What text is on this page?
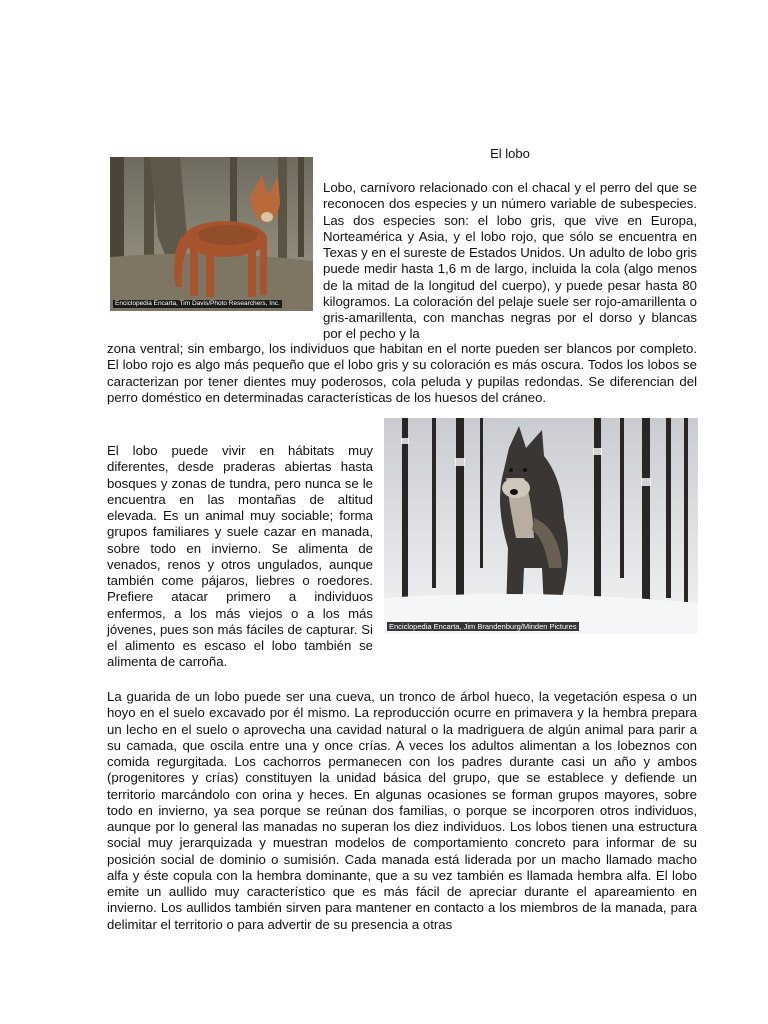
El lobo
Enciclopedia Encarta, Tim Davis/Photo Researchers, Inc.

Lobo, carnívoro relacionado con el chacal y el perro del que se reconocen dos especies y un número variable de subespecies. Las dos especies son: el lobo gris, que vive en Europa, Norteamérica y Asia, y el lobo rojo, que sólo se encuentra en Texas y en el sureste de Estados Unidos. Un adulto de lobo gris puede medir hasta 1,6 m de largo, incluida la cola (algo menos de la mitad de la longitud del cuerpo), y puede pesar hasta 80 kilogramos. La coloración del pelaje suele ser rojo-amarillenta o gris-amarillenta, con manchas negras por el dorso y blancas por el pecho y la

zona ventral; sin embargo, los individuos que habitan en el norte pueden ser blancos por completo. El lobo rojo es algo más pequeño que el lobo gris y su coloración es más oscura. Todos los lobos se caracterizan por tener dientes muy poderosos, cola peluda y pupilas redondas. Se diferencian del perro doméstico en determinadas características de los huesos del cráneo.

El lobo puede vivir en hábitats muy diferentes, desde praderas abiertas hasta bosques y zonas de tundra, pero nunca se le encuentra en las montañas de altitud elevada. Es un animal muy sociable; forma grupos familiares y suele cazar en manada, sobre todo en invierno. Se alimenta de venados, renos y otros ungulados, aunque también come pájaros, liebres o roedores. Prefiere atacar primero a individuos enfermos, a los más viejos o a los más jóvenes, pues son más fáciles de capturar. Si el alimento es escaso el lobo también se alimenta de carroña.

Enciclopedia Encarta, Jim Brandenburg/Minden Pictures

La guarida de un lobo puede ser una cueva, un tronco de árbol hueco, la vegetación espesa o un hoyo en el suelo excavado por él mismo. La reproducción ocurre en primavera y la hembra prepara un lecho en el suelo o aprovecha una cavidad natural o la madriguera de algún animal para parir a su camada, que oscila entre una y once crías. A veces los adultos alimentan a los lobeznos con comida regurgitada. Los cachorros permanecen con los padres durante casi un año y ambos (progenitores y crías) constituyen la unidad básica del grupo, que se establece y defiende un territorio marcándolo con orina y heces. En algunas ocasiones se forman grupos mayores, sobre todo en invierno, ya sea porque se reúnan dos familias, o porque se incorporen otros individuos, aunque por lo general las manadas no superan los diez individuos. Los lobos tienen una estructura social muy jerarquizada y muestran modelos de comportamiento concreto para informar de su posición social de dominio o sumisión. Cada manada está liderada por un macho llamado macho alfa y éste copula con la hembra dominante, que a su vez también es llamada hembra alfa. El lobo emite un aullido muy característico que es más fácil de apreciar durante el apareamiento en invierno. Los aullidos también sirven para mantener en contacto a los miembros de la manada, para delimitar el territorio o para advertir de su presencia a otras
